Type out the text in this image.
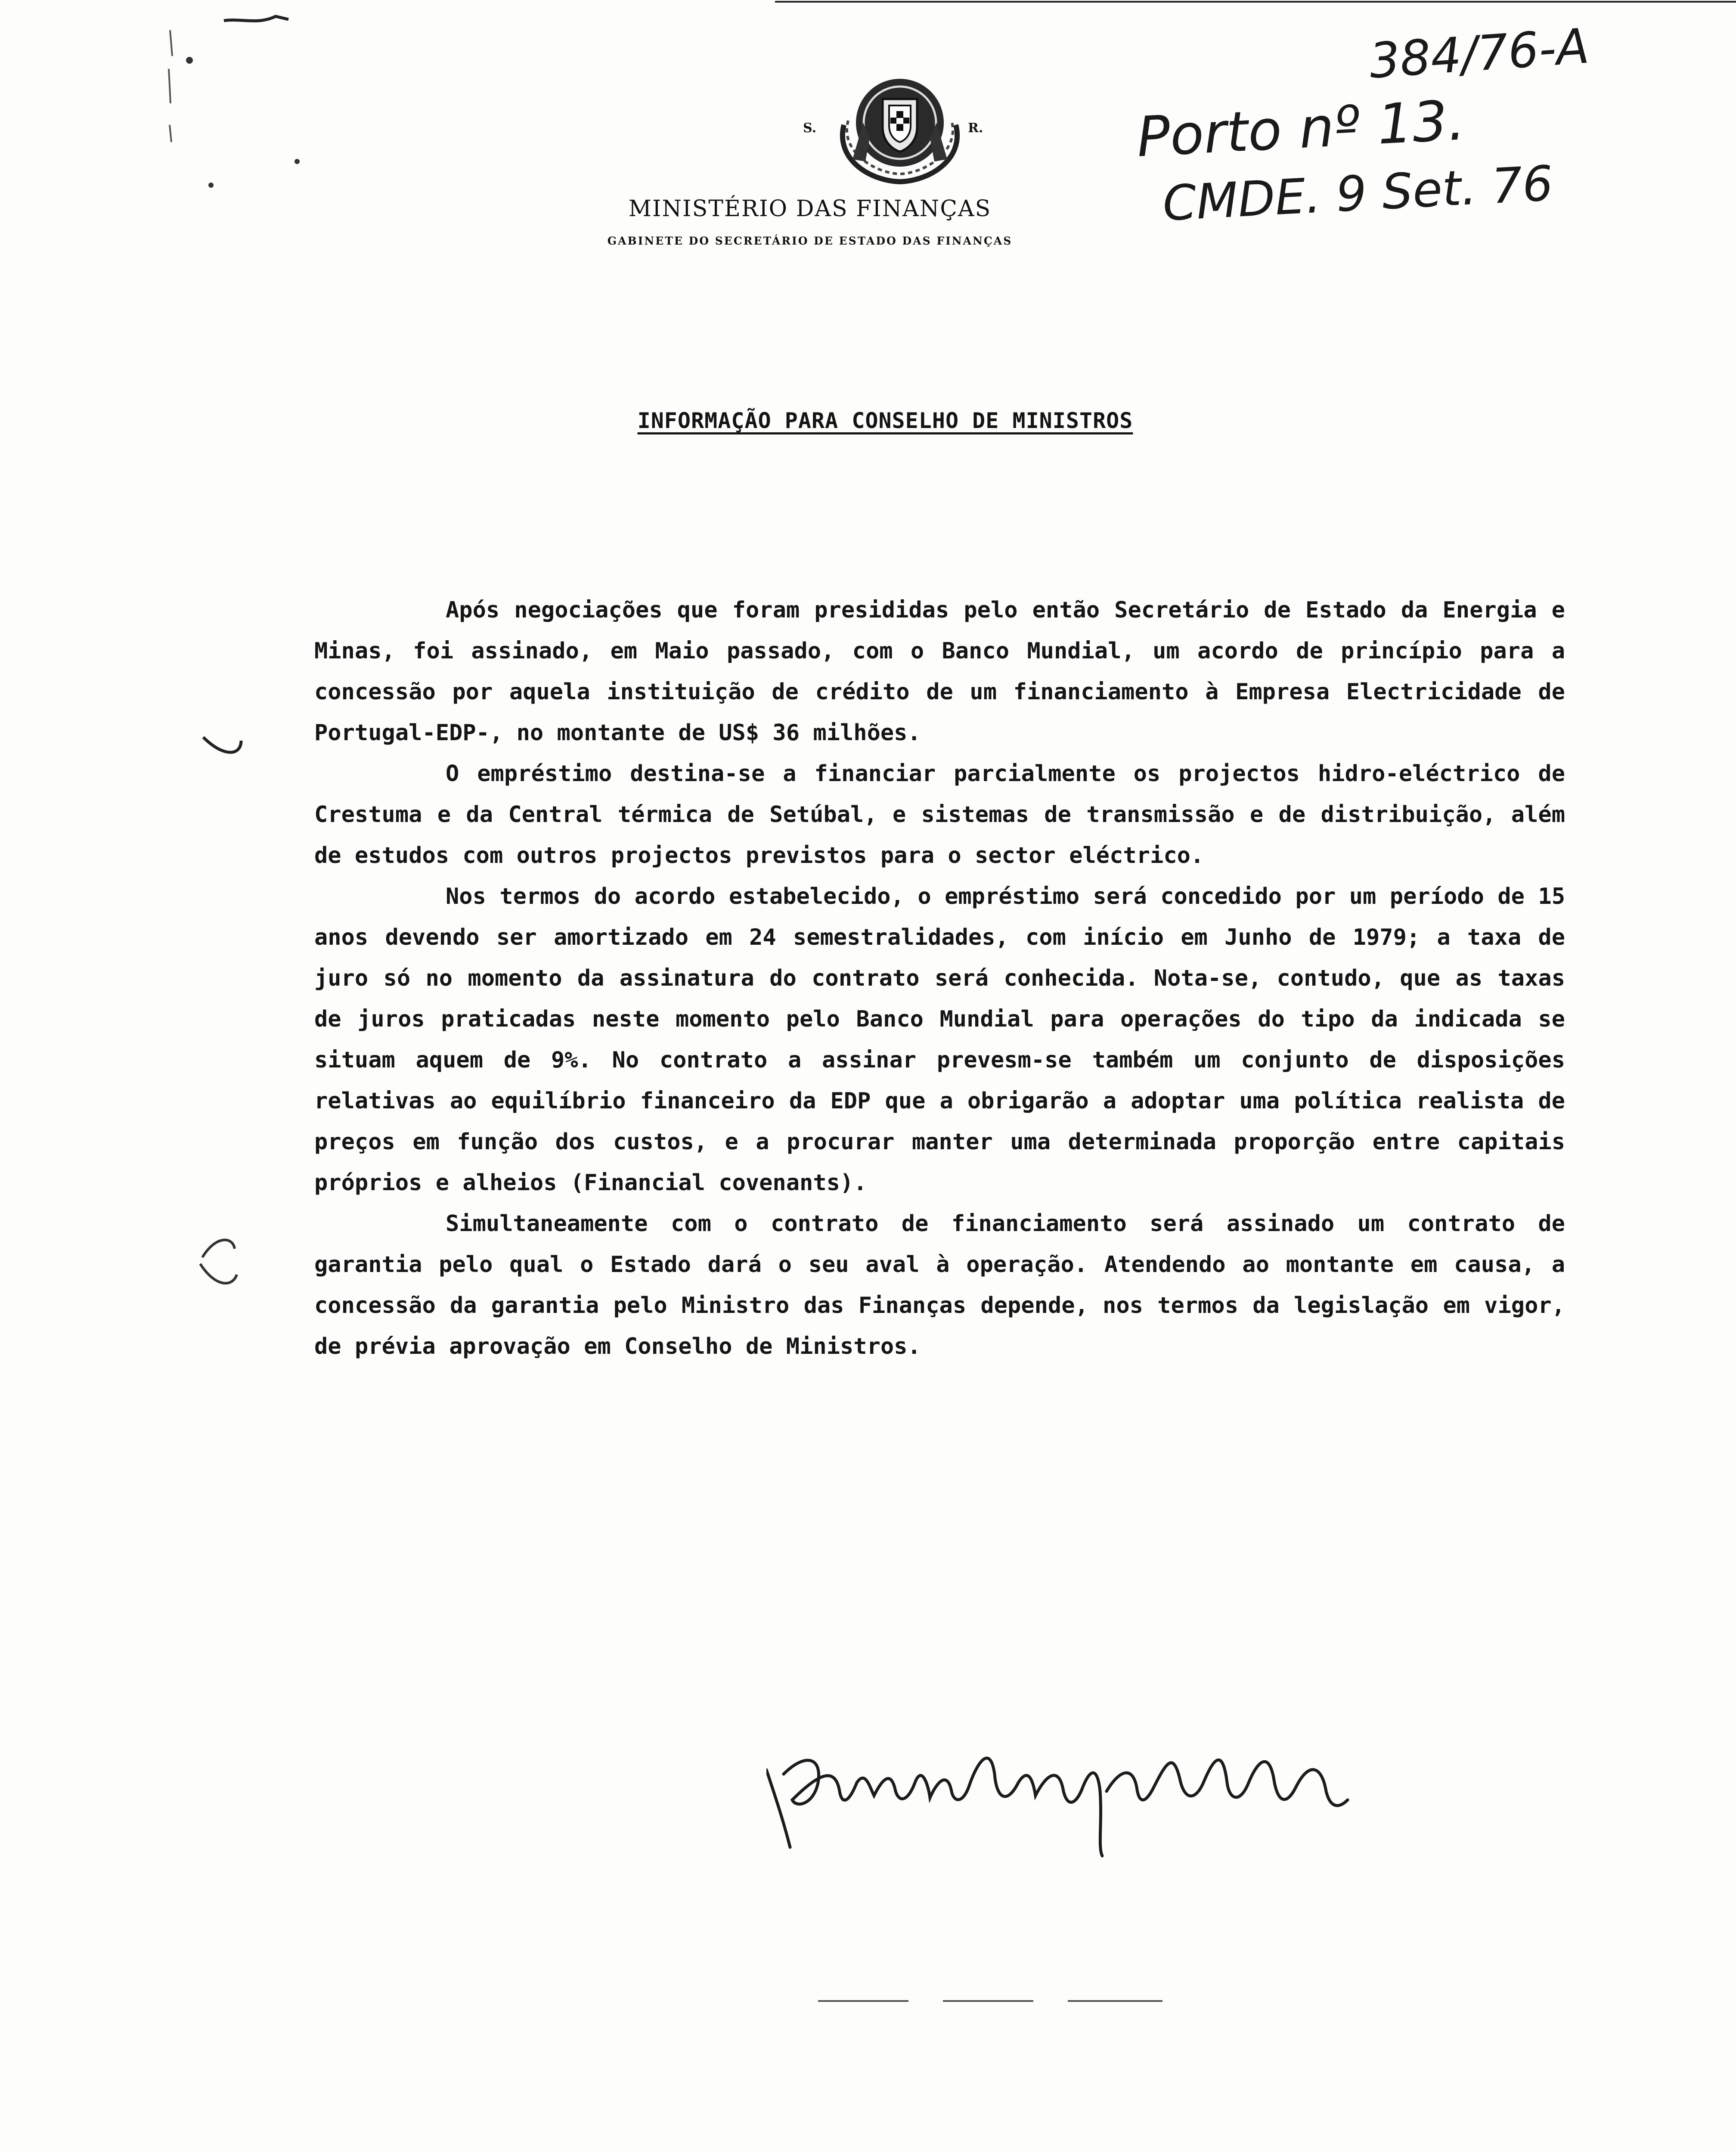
384/76-A
Porto nº 13.
CMDE. 9 Set. 76
S.	R.
MINISTÉRIO DAS FINANÇAS
GABINETE DO SECRETÁRIO DE ESTADO DAS FINANÇAS
INFORMAÇÃO PARA CONSELHO DE MINISTROS

Após negociações que foram presididas pelo então Secretário de Estado da Energia e Minas, foi assinado, em Maio passado, com o Banco Mundial, um acordo de princípio para a concessão por aquela instituição de crédito de um financiamento à Empresa Electricidade de Portugal-EDP-, no montante de US$ 36 milhões.

O empréstimo destina-se a financiar parcialmente os projectos hidro-eléctrico de Crestuma e da Central térmica de Setúbal, e sistemas de transmissão e de distribuição, além de estudos com outros projectos previstos para o sector eléctrico.

Nos termos do acordo estabelecido, o empréstimo será concedido por um período de 15 anos devendo ser amortizado em 24 semestralidades, com início em Junho de 1979; a taxa de juro só no momento da assinatura do contrato será conhecida. Nota-se, contudo, que as taxas de juros praticadas neste momento pelo Banco Mundial para operações do tipo da indicada se situam aquem de 9%. No contrato a assinar prevesm-se também um conjunto de disposições relativas ao equilíbrio financeiro da EDP que a obrigarão a adoptar uma política realista de preços em função dos custos, e a procurar manter uma determinada proporção entre capitais próprios e alheios (Financial covenants).

Simultaneamente com o contrato de financiamento será assinado um contrato de garantia pelo qual o Estado dará o seu aval à operação. Atendendo ao montante em causa, a concessão da garantia pelo Ministro das Finanças depende, nos termos da legislação em vigor, de prévia aprovação em Conselho de Ministros.
